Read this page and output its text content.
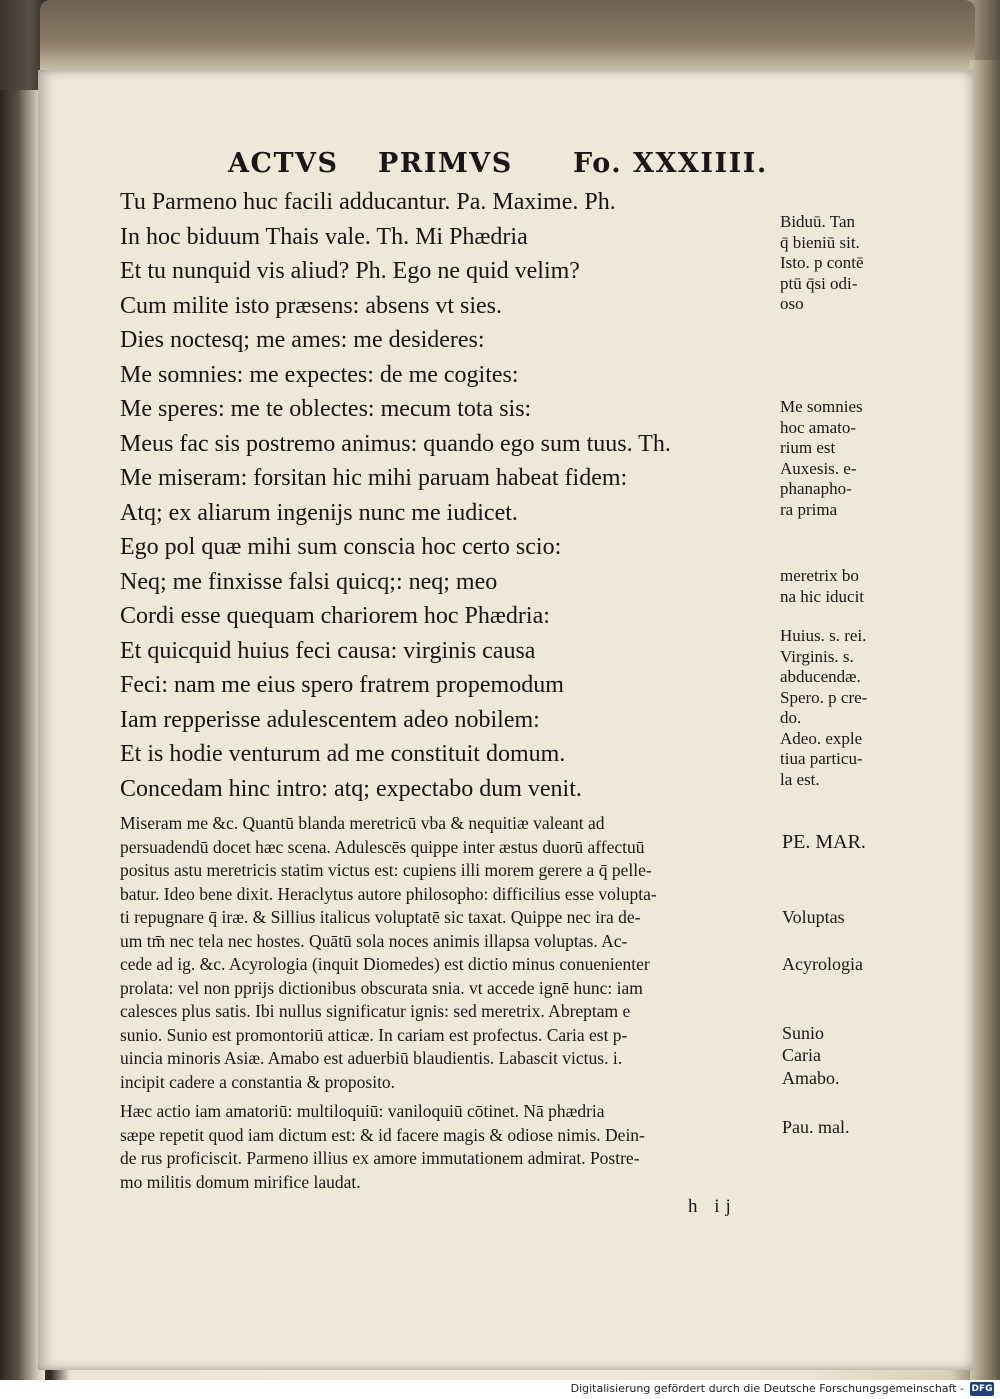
ACTVS PRIMVS Fo. XXXIIII.
Tu Parmeno huc facili adducantur. Pa. Maxime. Ph.
In hoc biduum Thais vale. Th. Mi Phædria
Et tu nunquid vis aliud? Ph. Ego ne quid velim?
Cum milite isto præsens: absens vt sies.
Dies noctesq; me ames: me desideres:
Me somnies: me expectes: de me cogites:
Me speres: me te oblectes: mecum tota sis:
Meus fac sis postremo animus: quando ego sum tuus. Th.
Me miseram: forsitan hic mihi paruam habeat fidem:
Atq; ex aliarum ingenijs nunc me iudicet.
Ego pol quæ mihi sum conscia hoc certo scio:
Neq; me finxisse falsi quicq;: neq; meo
Cordi esse quequam chariorem hoc Phædria:
Et quicquid huius feci causa: virginis causa
Feci: nam me eius spero fratrem propemodum
Iam repperisse adulescentem adeo nobilem:
Et is hodie venturum ad me constituit domum.
Concedam hinc intro: atq; expectabo dum venit.
Biduū. Tan
q̄ bieniū sit.
Isto. p contē
ptū q̄si odi-
oso
Me somnies
hoc amato-
rium est
Auxesis. e-
phanapho-
ra prima
meretrix bo
na hic iducit
Huius. s. rei.
Virginis. s.
abducendæ.
Spero. p cre-
do.
Adeo. exple
tiua particu-
la est.
Miseram me &c. Quantū blanda meretricū vba & nequitiæ valeant ad
persuadendū docet hæc scena. Adulescēs quippe inter æstus duorū affectuū
positus astu meretricis statim victus est: cupiens illi morem gerere a q̄ pelle-
batur. Ideo bene dixit. Heraclytus autore philosopho: difficilius esse volupta-
ti repugnare q̄ iræ. & Sillius italicus voluptatē sic taxat. Quippe nec ira de-
um tm̄ nec tela nec hostes. Quātū sola noces animis illapsa voluptas. Ac-
cede ad ig. &c. Acyrologia (inquit Diomedes) est dictio minus conuenienter
prolata: vel non pprijs dictionibus obscurata snia. vt accede ignē hunc: iam
calesces plus satis. Ibi nullus significatur ignis: sed meretrix. Abreptam e
sunio. Sunio est promontoriū atticæ. In cariam est profectus. Caria est p-
uincia minoris Asiæ. Amabo est aduerbiū blaudientis. Labascit victus. i.
incipit cadere a constantia & proposito.
Hæc actio iam amatoriū: multiloquiū: vaniloquiū cōtinet. Nā phædria
sæpe repetit quod iam dictum est: & id facere magis & odiose nimis. Dein-
de rus proficiscit. Parmeno illius ex amore immutationem admirat. Postre-
mo militis domum mirifice laudat.
PE. MAR.
Voluptas
Acyrologia
Sunio
Caria
Amabo.
Pau. mal.
h ij
Digitalisierung gefördert durch die Deutsche Forschungsgemeinschaft - DFG
